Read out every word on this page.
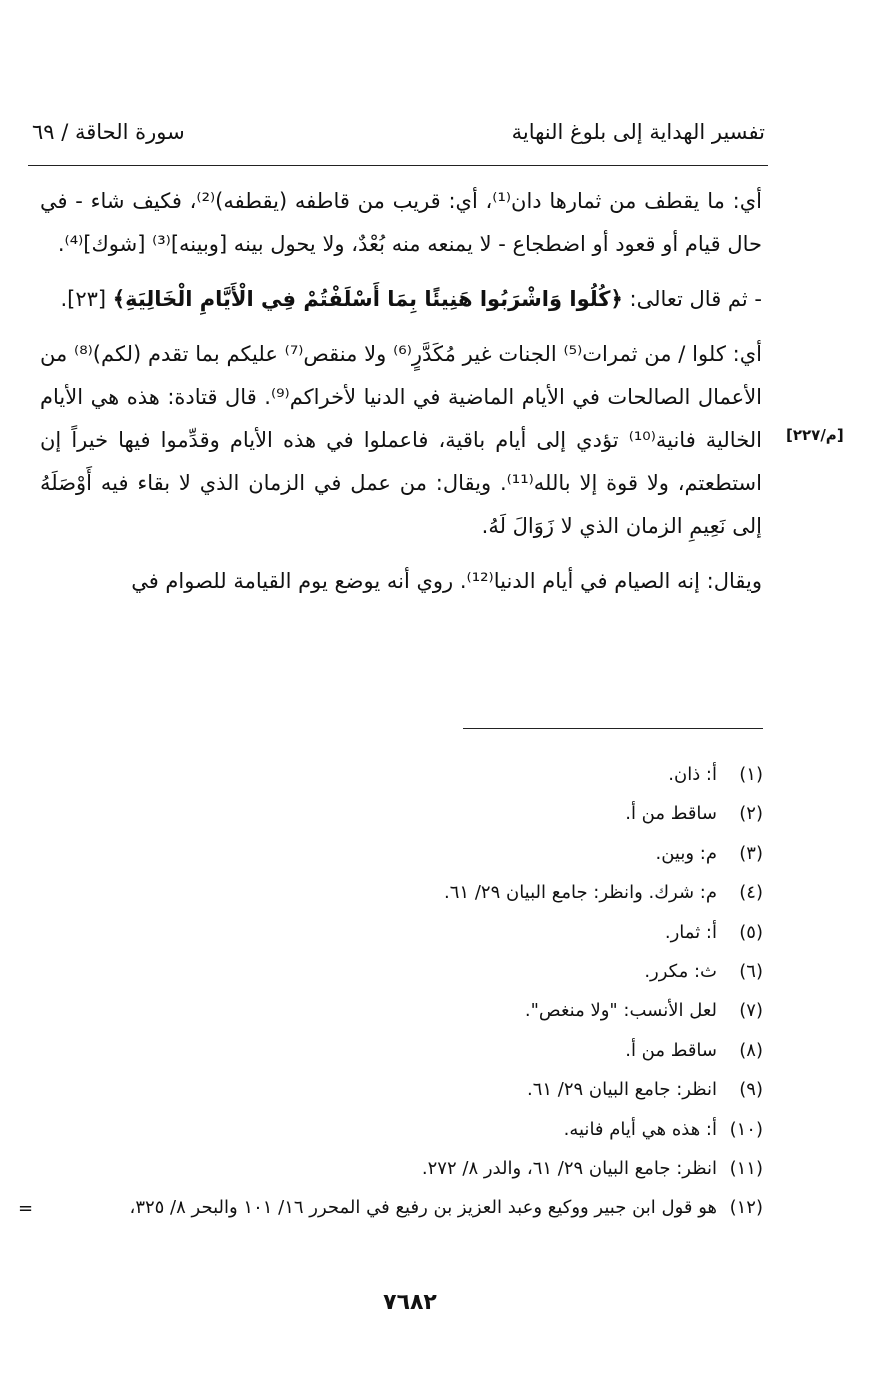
تفسير الهداية إلى بلوغ النهاية
سورة الحاقة / ٦٩
[م/٢٢٧]

أي: ما يقطف من ثمارها دان⁽¹⁾، أي: قريب من قاطفه (يقطفه)⁽²⁾، فكيف شاء - في حال قيام أو قعود أو اضطجاع - لا يمنعه منه بُعْدٌ، ولا يحول بينه [وبينه]⁽³⁾ [شوك]⁽⁴⁾.

- ثم قال تعالى: ﴿كُلُوا وَاشْرَبُوا هَنِيئًا بِمَا أَسْلَفْتُمْ فِي الْأَيَّامِ الْخَالِيَةِ﴾ [٢٣].

أي: كلوا / من ثمرات⁽⁵⁾ الجنات غير مُكَدَّرٍ⁽⁶⁾ ولا منقص⁽⁷⁾ عليكم بما تقدم (لكم)⁽⁸⁾ من الأعمال الصالحات في الأيام الماضية في الدنيا لأخراكم⁽⁹⁾. قال قتادة: هذه هي الأيام الخالية فانية⁽¹⁰⁾ تؤدي إلى أيام باقية، فاعملوا في هذه الأيام وقدِّموا فيها خيراً إن استطعتم، ولا قوة إلا بالله⁽¹¹⁾. ويقال: من عمل في الزمان الذي لا بقاء فيه أَوْصَلَهُ إلى نَعِيمِ الزمان الذي لا زَوَالَ لَهُ.

ويقال: إنه الصيام في أيام الدنيا⁽¹²⁾. روي أنه يوضع يوم القيامة للصوام في

(١)أ: ذان.
(٢)ساقط من أ.
(٣)م: وبين.
(٤)م: شرك. وانظر: جامع البيان ٢٩/ ٦١.
(٥)أ: ثمار.
(٦)ث: مكرر.
(٧)لعل الأنسب: "ولا منغص".
(٨)ساقط من أ.
(٩)انظر: جامع البيان ٢٩/ ٦١.
(١٠)أ: هذه هي أيام فانيه.
(١١)انظر: جامع البيان ٢٩/ ٦١، والدر ٨/ ٢٧٢.
(١٢)هو قول ابن جبير ووكيع وعبد العزيز بن رفيع في المحرر ١٦/ ١٠١ والبحر ٨/ ٣٢٥،
=
٧٦٨٢
